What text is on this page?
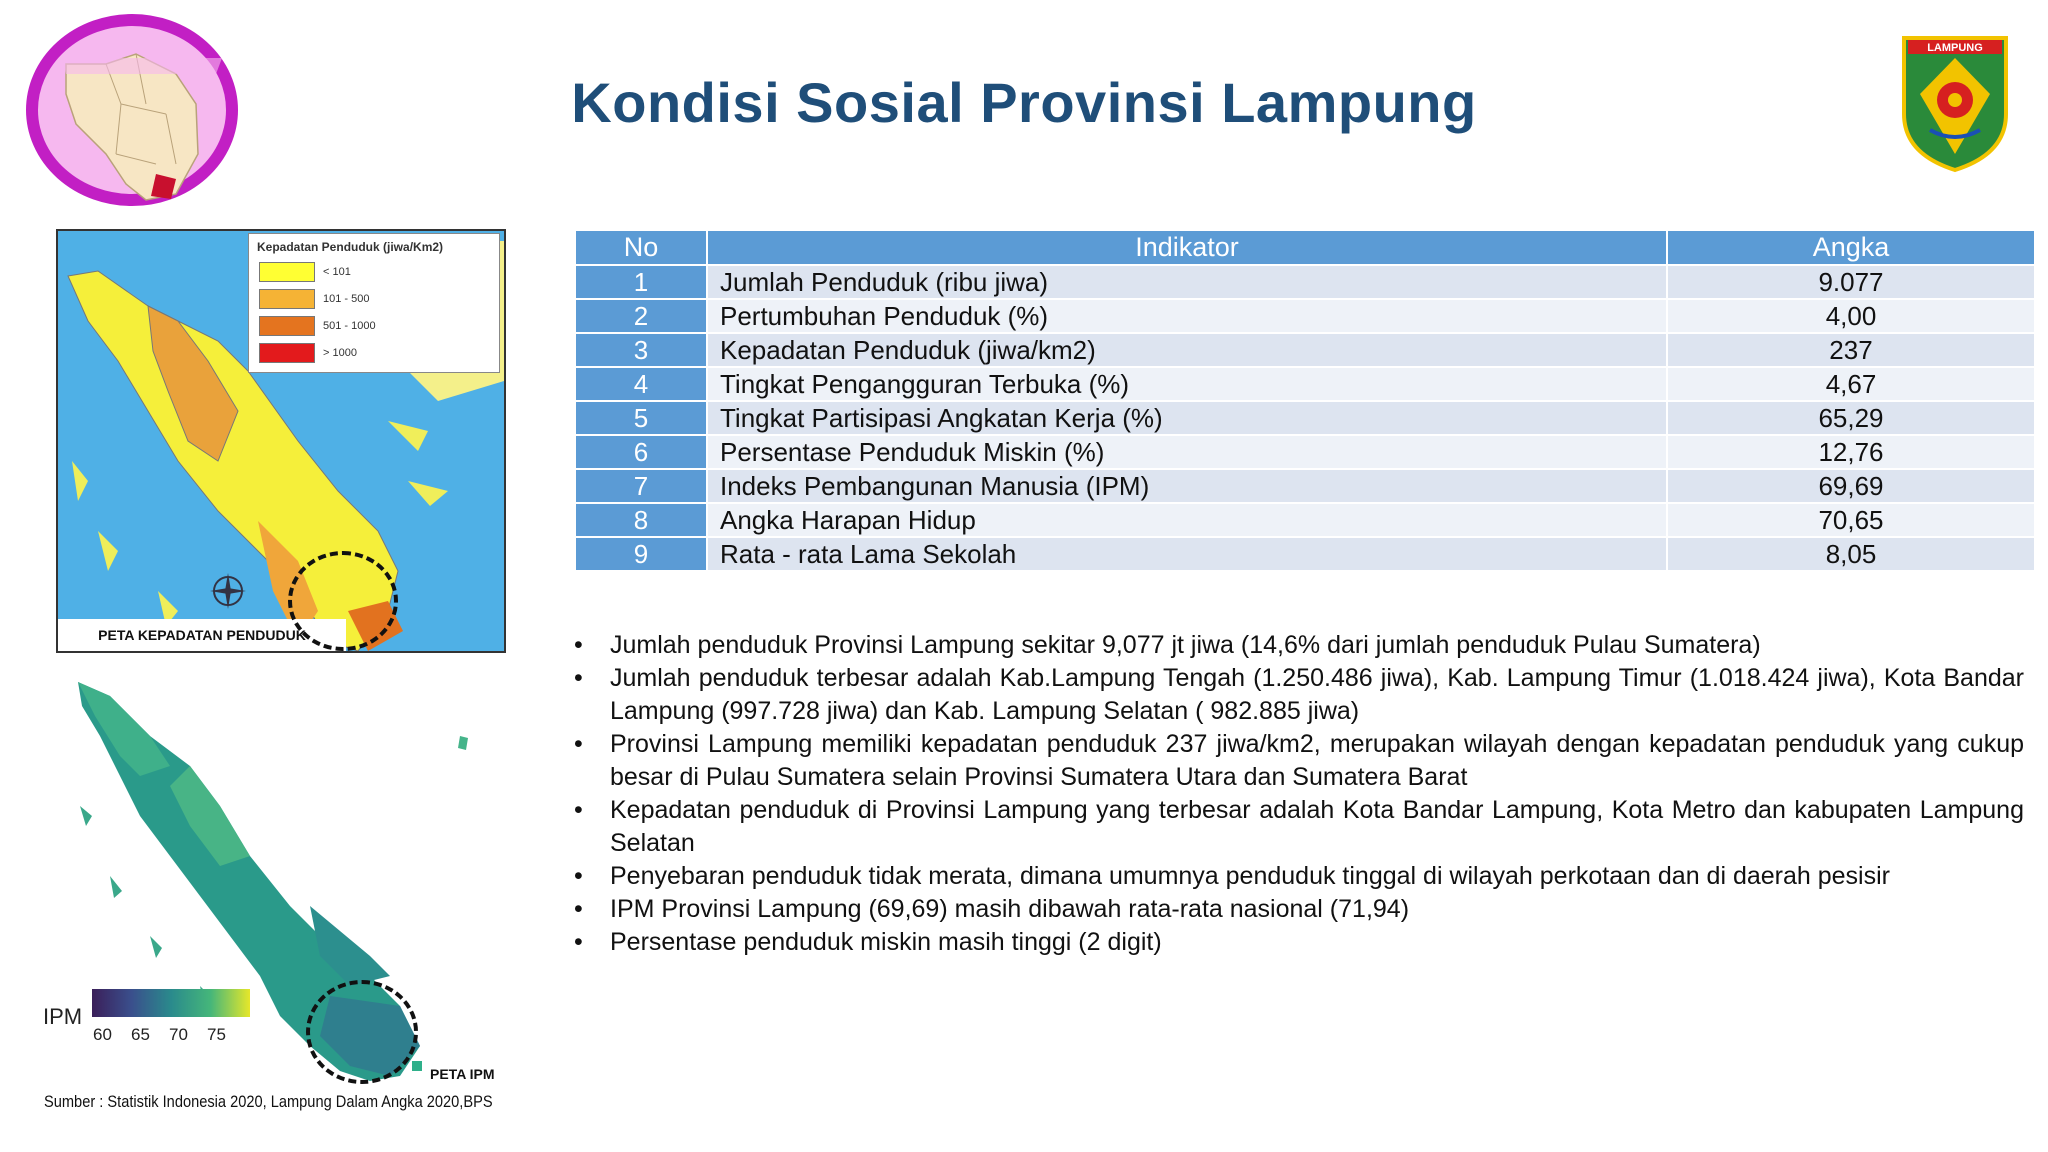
Kondisi Sosial Provinsi Lampung
LAMPUNG
Kepadatan Penduduk (jiwa/Km2)
< 101
101 - 500
501 - 1000
> 1000
PETA KEPADATAN PENDUDUK
IPM
60 65 70 75
PETA IPM
Sumber : Statistik Indonesia 2020, Lampung Dalam Angka 2020,BPS
No	Indikator	Angka
1	Jumlah Penduduk (ribu jiwa)	9.077
2	Pertumbuhan Penduduk (%)	4,00
3	Kepadatan Penduduk (jiwa/km2)	237
4	Tingkat Pengangguran Terbuka (%)	4,67
5	Tingkat Partisipasi Angkatan Kerja (%)	65,29
6	Persentase Penduduk Miskin (%)	12,76
7	Indeks Pembangunan Manusia (IPM)	69,69
8	Angka Harapan Hidup	70,65
9	Rata - rata Lama Sekolah	8,05
• Jumlah penduduk Provinsi Lampung sekitar 9,077 jt jiwa (14,6% dari jumlah penduduk Pulau Sumatera)
• Jumlah penduduk terbesar adalah Kab.Lampung Tengah (1.250.486 jiwa), Kab. Lampung Timur (1.018.424 jiwa), Kota Bandar Lampung (997.728 jiwa) dan Kab. Lampung Selatan ( 982.885 jiwa)
• Provinsi Lampung memiliki kepadatan penduduk 237 jiwa/km2, merupakan wilayah dengan kepadatan penduduk yang cukup besar di Pulau Sumatera selain Provinsi Sumatera Utara dan Sumatera Barat
• Kepadatan penduduk di Provinsi Lampung yang terbesar adalah Kota Bandar Lampung, Kota Metro dan kabupaten Lampung Selatan
• Penyebaran penduduk tidak merata, dimana umumnya penduduk tinggal di wilayah perkotaan dan di daerah pesisir
• IPM Provinsi Lampung (69,69) masih dibawah rata-rata nasional (71,94)
• Persentase penduduk miskin masih tinggi (2 digit)
